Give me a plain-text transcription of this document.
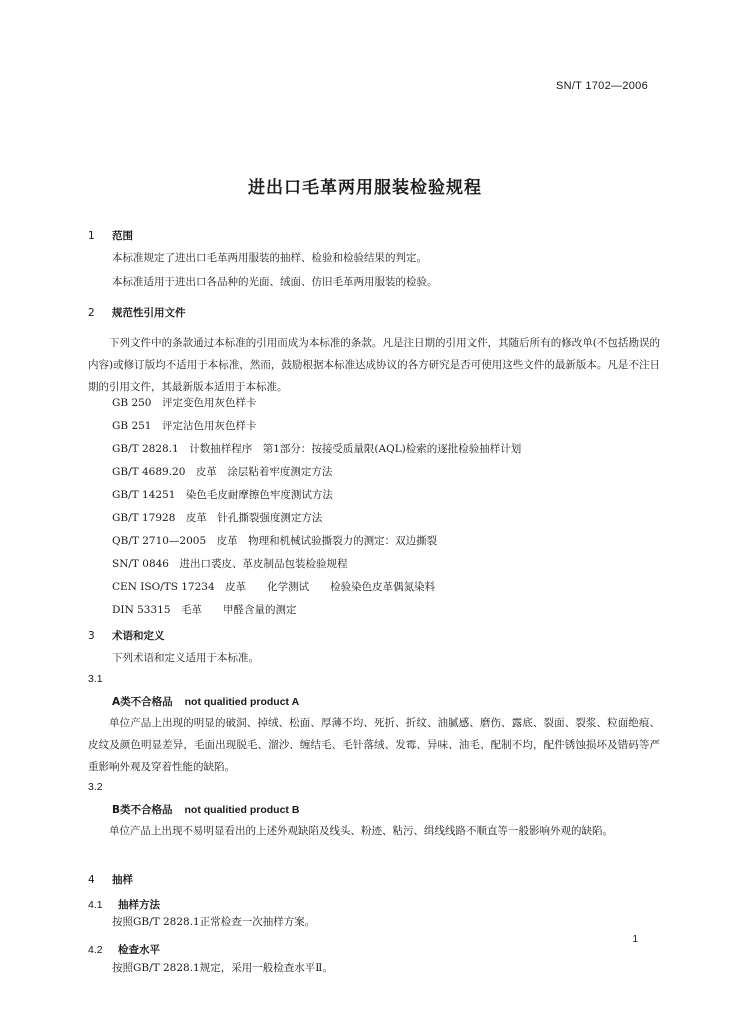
SN/T 1702—2006
进出口毛革两用服装检验规程
1 范围
本标准规定了进出口毛革两用服装的抽样、检验和检验结果的判定。
本标准适用于进出口各品种的光面、绒面、仿旧毛革两用服装的检验。
2 规范性引用文件
下列文件中的条款通过本标准的引用而成为本标准的条款。凡是注日期的引用文件，其随后所有的修改单(不包括勘误的内容)或修订版均不适用于本标准，然而，鼓励根据本标准达成协议的各方研究是否可使用这些文件的最新版本。凡是不注日期的引用文件，其最新版本适用于本标准。
GB 250　评定变色用灰色样卡
GB 251　评定沾色用灰色样卡
GB/T 2828.1　计数抽样程序　第1部分：按接受质量限(AQL)检索的逐批检验抽样计划
GB/T 4689.20　皮革　涂层粘着牢度测定方法
GB/T 14251　染色毛皮耐摩擦色牢度测试方法
GB/T 17928　皮革　针孔撕裂强度测定方法
QB/T 2710—2005　皮革　物理和机械试验撕裂力的测定：双边撕裂
SN/T 0846　进出口裘皮、革皮制品包装检验规程
CEN ISO/TS 17234　皮革　　化学测试　　检验染色皮革偶氮染料
DIN 53315　毛革　　甲醛含量的测定
3 术语和定义
下列术语和定义适用于本标准。
3.1
A类不合格品 not qualitied product A
单位产品上出现的明显的破洞、掉绒、松面、厚薄不均、死折、折纹、油腻感、磨伤、露底、裂面、裂浆、粒面绝痕、皮纹及颜色明显差异，毛面出现脱毛、溜沙、缠结毛、毛针落绒、发霉、异味、油毛、配制不均，配件锈蚀损坏及错码等严重影响外观及穿着性能的缺陷。
3.2
B类不合格品 not qualitied product B
单位产品上出现不易明显看出的上述外观缺陷及线头、粉迹、粘污、缉线线路不顺直等一般影响外观的缺陷。
4 抽样
4.1 抽样方法
按照GB/T 2828.1正常检查一次抽样方案。
4.2 检查水平
按照GB/T 2828.1规定，采用一般检查水平Ⅱ。
1
